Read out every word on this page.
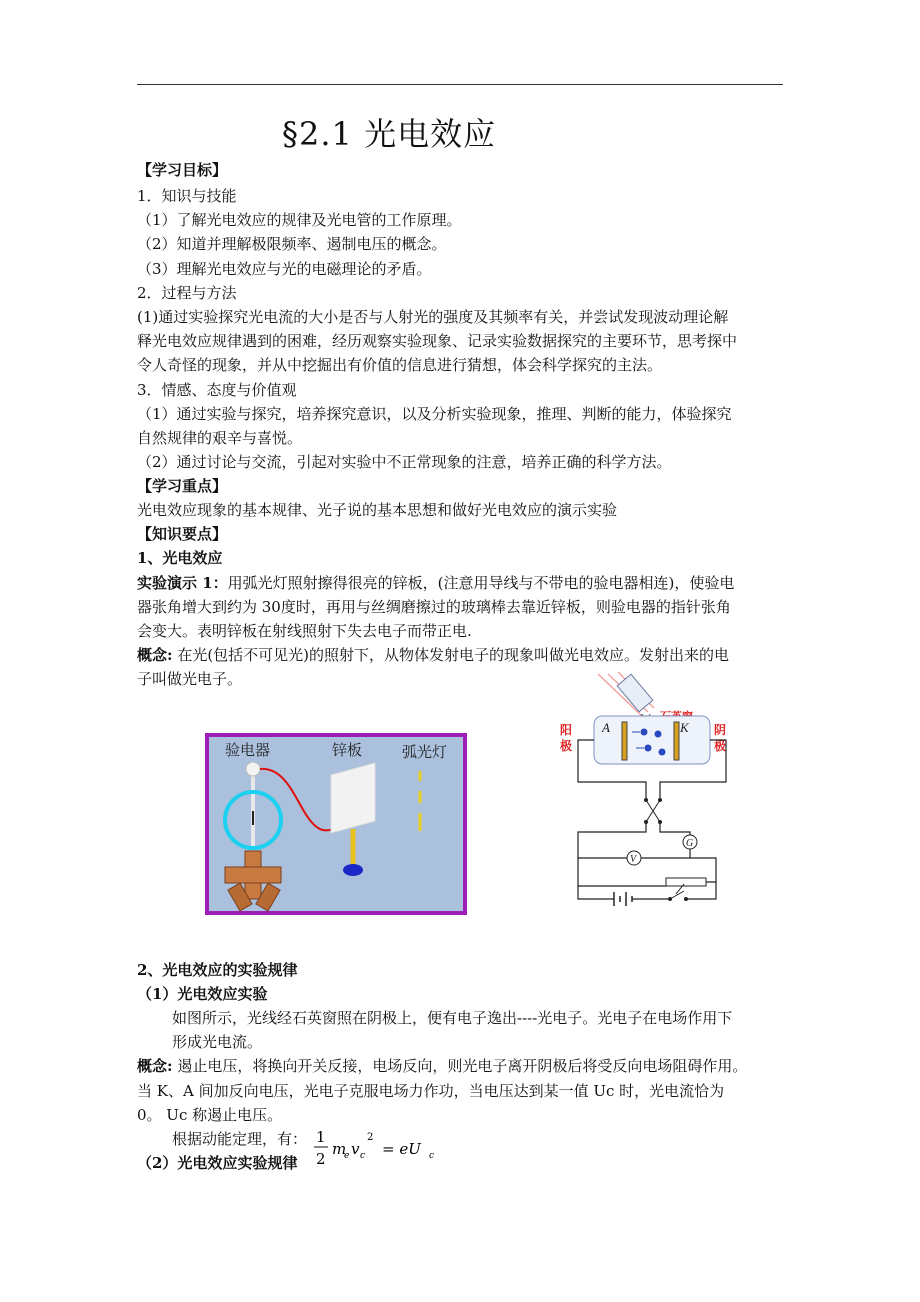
§2.1 光电效应
【学习目标】
1．知识与技能
（1）了解光电效应的规律及光电管的工作原理。
（2）知道并理解极限频率、遏制电压的概念。
（3）理解光电效应与光的电磁理论的矛盾。
2．过程与方法
(1)通过实验探究光电流的大小是否与人射光的强度及其频率有关，并尝试发现波动理论解
释光电效应规律遇到的困难，经历观察实验现象、记录实验数据探究的主要环节，思考探中
令人奇怪的现象，并从中挖掘出有价值的信息进行猜想，体会科学探究的主法。
3．情感、态度与价值观
（1）通过实验与探究，培养探究意识，以及分析实验现象，推理、判断的能力，体验探究
自然规律的艰辛与喜悦。
（2）通过讨论与交流，引起对实验中不正常现象的注意，培养正确的科学方法。
【学习重点】
光电效应现象的基本规律、光子说的基本思想和做好光电效应的演示实验
【知识要点】
1、光电效应
实验演示 1：用弧光灯照射擦得很亮的锌板，(注意用导线与不带电的验电器相连)，使验电
器张角增大到约为 30度时，再用与丝绸磨擦过的玻璃棒去靠近锌板，则验电器的指针张角
会变大。表明锌板在射线照射下失去电子而带正电.
概念: 在光(包括不可见光)的照射下，从物体发射电子的现象叫做光电效应。发射出来的电
子叫做光电子。
验电器	锌板	弧光灯
阳
极
阴
极
A	K
G
V
2、光电效应的实验规律
（1）光电效应实验
如图所示，光线经石英窗照在阴极上，便有电子逸出----光电子。光电子在电场作用下
形成光电流。
概念: 遏止电压，将换向开关反接，电场反向，则光电子离开阴极后将受反向电场阻碍作用。
当 K、A 间加反向电压，光电子克服电场力作功，当电压达到某一值 Uc 时，光电流恰为
0。 Uc 称遏止电压。
根据动能定理，有：
（2）光电效应实验规律
1
2
m
e v c
2
= eU c
